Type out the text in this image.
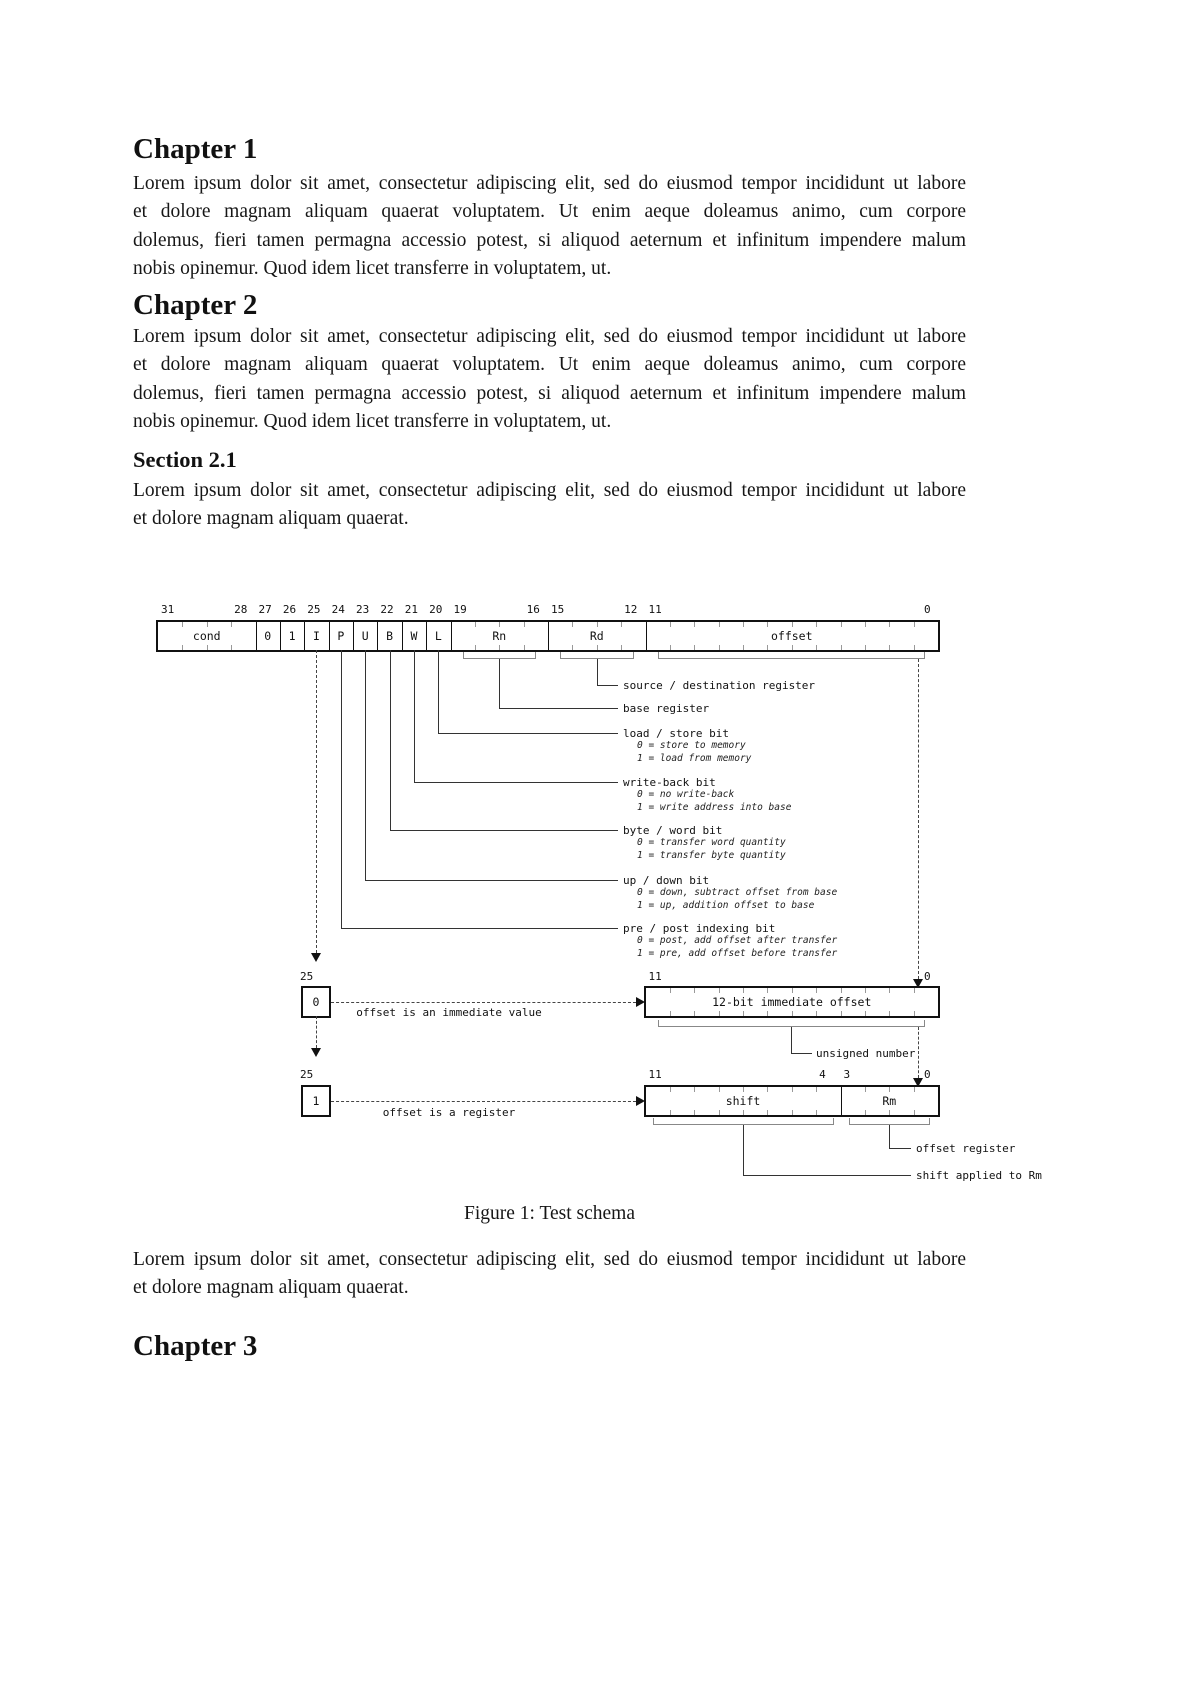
Chapter 1
Lorem ipsum dolor sit amet, consectetur adipiscing elit, sed do eiusmod tempor incididunt ut labore
et dolore magnam aliquam quaerat voluptatem. Ut enim aeque doleamus animo, cum corpore
dolemus, fieri tamen permagna accessio potest, si aliquod aeternum et infinitum impendere malum
nobis opinemur. Quod idem licet transferre in voluptatem, ut.
Chapter 2
Lorem ipsum dolor sit amet, consectetur adipiscing elit, sed do eiusmod tempor incididunt ut labore
et dolore magnam aliquam quaerat voluptatem. Ut enim aeque doleamus animo, cum corpore
dolemus, fieri tamen permagna accessio potest, si aliquod aeternum et infinitum impendere malum
nobis opinemur. Quod idem licet transferre in voluptatem, ut.
Section 2.1
Lorem ipsum dolor sit amet, consectetur adipiscing elit, sed do eiusmod tempor incididunt ut labore
et dolore magnam aliquam quaerat.
31	28 27 26 25 24 23 22 21 20 19	16 15	12 11	0
cond	0	1	I	P	U	B	W	L	Rn	Rd	offset
source / destination register
base register
load / store bit
0 = store to memory
1 = load from memory
write-back bit
0 = no write-back
1 = write address into base
byte / word bit
0 = transfer word quantity
1 = transfer byte quantity
up / down bit
0 = down, subtract offset from base
1 = up, addition offset to base
pre / post indexing bit
0 = post, add offset after transfer
1 = pre, add offset before transfer
25	11	0
0	12-bit immediate offset
offset is an immediate value
unsigned number
25	11	4 3	0
1	shift	Rm
offset is a register
offset register
shift applied to Rm
Figure 1: Test schema
Lorem ipsum dolor sit amet, consectetur adipiscing elit, sed do eiusmod tempor incididunt ut labore
et dolore magnam aliquam quaerat.
Chapter 3
